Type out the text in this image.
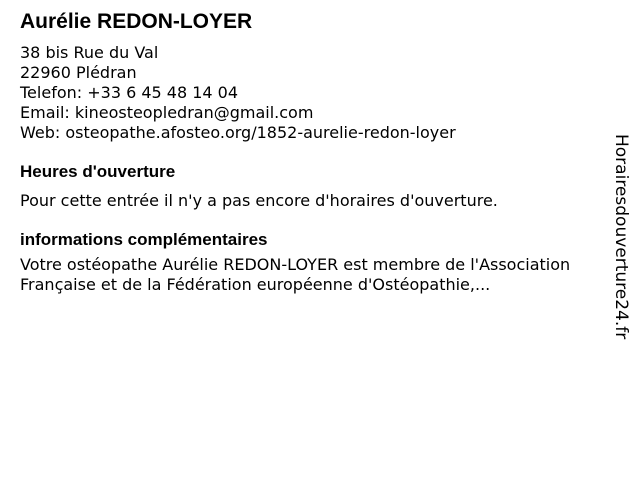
Aurélie REDON-LOYER
38 bis Rue du Val
22960 Plédran
Telefon: +33 6 45 48 14 04
Email: kineosteopledran@gmail.com
Web: osteopathe.afosteo.org/1852-aurelie-redon-loyer
Heures d'ouverture
Pour cette entrée il n'y a pas encore d'horaires d'ouverture.
informations complémentaires
Votre ostéopathe Aurélie REDON-LOYER est membre de l'Association Française et de la Fédération européenne d'Ostéopathie,...	Horairesdouverture24.fr
